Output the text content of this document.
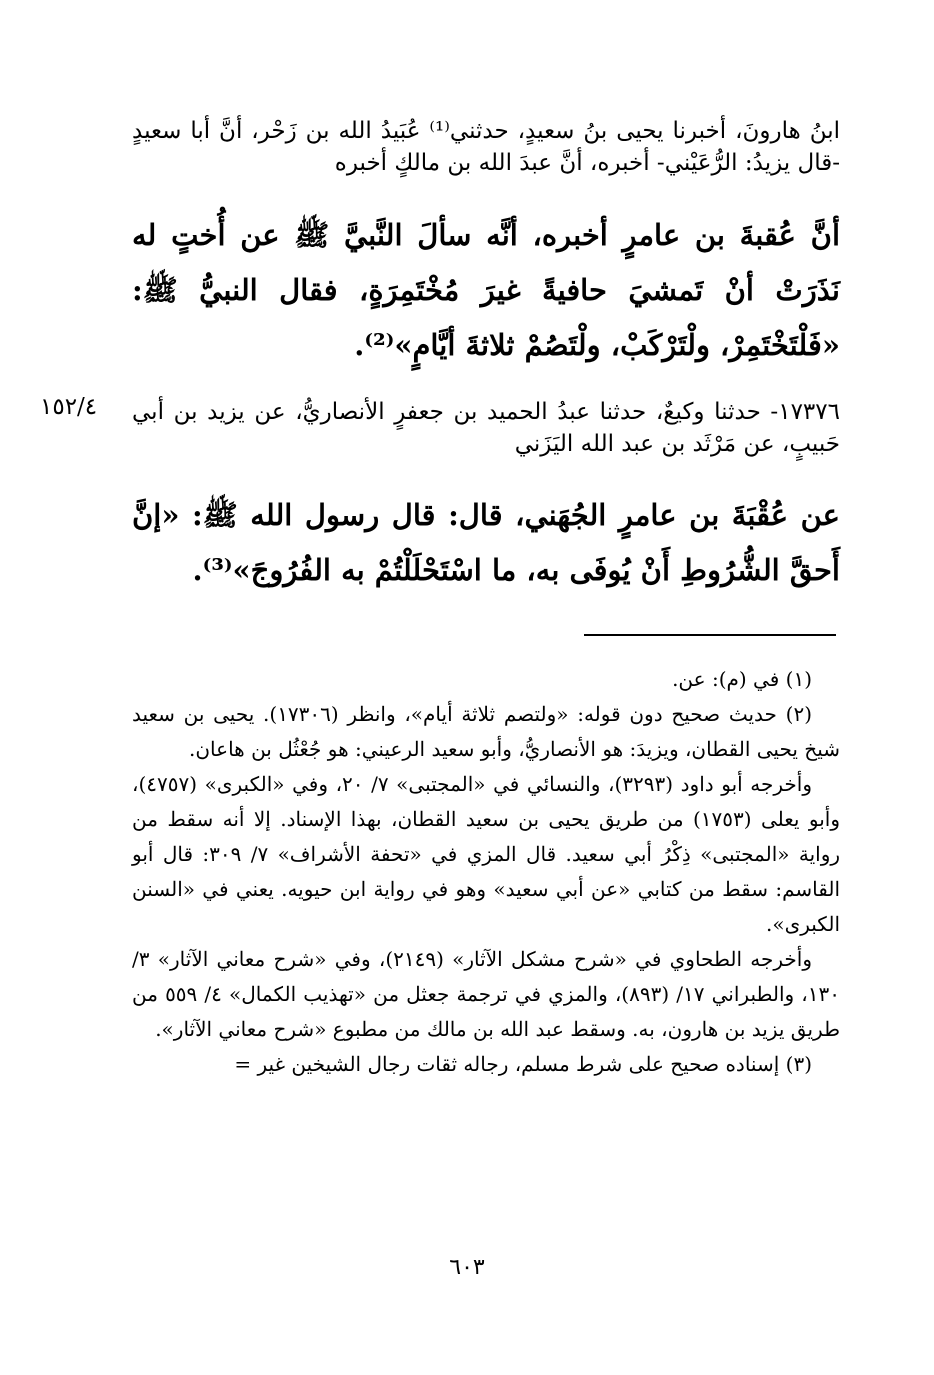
ابنُ هارونَ، أخبرنا يحيى بنُ سعيدٍ، حدثني⁽¹⁾ عُبَيدُ الله بن زَحْر، أنَّ أبا سعيدٍ -قال يزيدُ: الرُّعَيْني- أخبره، أنَّ عبدَ الله بن مالكٍ أخبره
أنَّ عُقبةَ بن عامرٍ أخبره، أنَّه سألَ النَّبيَّ ﷺ عن أُختٍ له نَذَرَتْ أنْ تَمشيَ حافيةً غيرَ مُخْتَمِرَةٍ، فقال النبيُّ ﷺ: «فَلْتَخْتَمِرْ، ولْتَرْكَبْ، ولْتَصُمْ ثلاثةَ أيَّامٍ»⁽²⁾.
١٥٢/٤ ١٧٣٧٦- حدثنا وكيعٌ، حدثنا عبدُ الحميد بن جعفرٍ الأنصاريُّ، عن يزيد بن أبي حَبيبٍ، عن مَرْثَد بن عبد الله اليَزَني
عن عُقْبَةَ بن عامرٍ الجُهَني، قال: قال رسول الله ﷺ: «إنَّ أَحقَّ الشُّرُوطِ أَنْ يُوفَى به، ما اسْتَحْلَلْتُمْ به الفُرُوجَ»⁽³⁾.

(١) في (م): عن.

(٢) حديث صحيح دون قوله: «ولتصم ثلاثة أيام»، وانظر (١٧٣٠٦). يحيى بن سعيد شيخ يحيى القطان، ويزيدَ: هو الأنصاريُّ، وأبو سعيد الرعيني: هو جُعْثُل بن هاعان.

وأخرجه أبو داود (٣٢٩٣)، والنسائي في «المجتبى» ٧/ ٢٠، وفي «الكبرى» (٤٧٥٧)، وأبو يعلى (١٧٥٣) من طريق يحيى بن سعيد القطان، بهذا الإسناد. إلا أنه سقط من رواية «المجتبى» ذِكْرُ أبي سعيد. قال المزي في «تحفة الأشراف» ٧/ ٣٠٩: قال أبو القاسم: سقط من كتابي «عن أبي سعيد» وهو في رواية ابن حيويه. يعني في «السنن الكبرى».

وأخرجه الطحاوي في «شرح مشكل الآثار» (٢١٤٩)، وفي «شرح معاني الآثار» ٣/ ١٣٠، والطبراني ١٧/ (٨٩٣)، والمزي في ترجمة جعثل من «تهذيب الكمال» ٤/ ٥٥٩ من طريق يزيد بن هارون، به. وسقط عبد الله بن مالك من مطبوع «شرح معاني الآثار».

(٣) إسناده صحيح على شرط مسلم، رجاله ثقات رجال الشيخين غير =

٦٠٣
